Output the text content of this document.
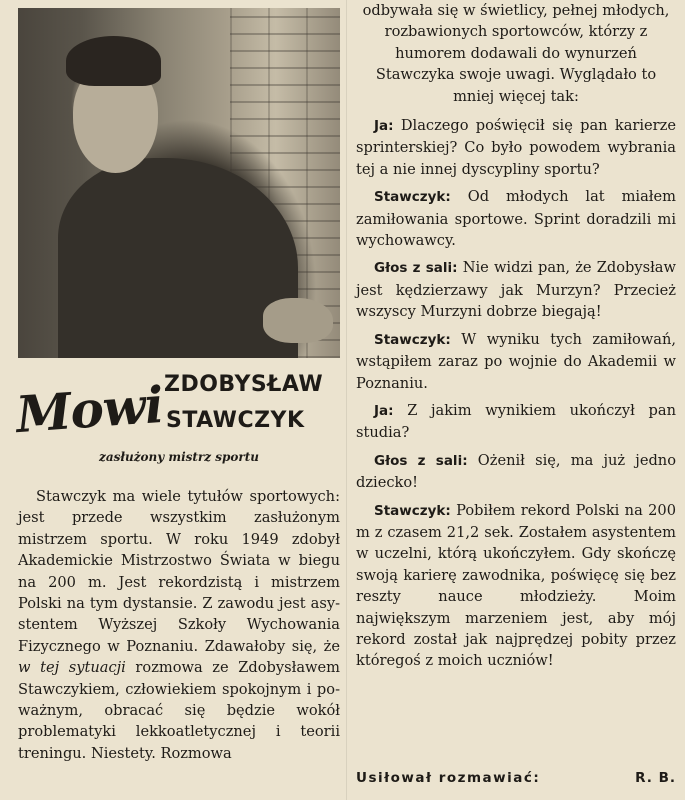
Mowi ZDOBYSŁAW
STAWCZYK
zasłużony mistrz sportu

Stawczyk ma wiele tytułów sportowych: jest przede wszystkim zasłużonym mistrzem sportu. W roku 1949 zdobył Akademickie Mistrzostwo Świata w biegu na 200 m. Jest rekordzistą i mistrzem Polski na tym dystansie. Z zawodu jest asystentem Wyższej Szkoły Wychowania Fizycznego w Poznaniu. Zdawałoby się, że w tej sytuacji rozmowa ze Zdobysławem Stawczykiem, człowiekiem spokojnym i poważnym, obracać się będzie wokół problematyki lekkoatletycznej i teorii treningu. Niestety. Rozmowa

odbywała się w świetlicy, pełnej młodych, rozbawionych sportowców, którzy z humorem dodawali do wynurzeń Stawczyka swoje uwagi. Wyglądało to mniej więcej tak:

Ja: Dlaczego poświęcił się pan karierze sprinterskiej? Co było powodem wybrania tej a nie innej dyscypliny sportu?

Stawczyk: Od młodych lat miałem zamiłowania sportowe. Sprint doradzili mi wychowawcy.

Głos z sali: Nie widzi pan, że Zdobysław jest kędzierzawy jak Murzyn? Przecież wszyscy Murzyni dobrze biegają!

Stawczyk: W wyniku tych zamiłowań, wstąpiłem zaraz po wojnie do Akademii w Poznaniu.

Ja: Z jakim wynikiem ukończył pan studia?

Głos z sali: Ożenił się, ma już jedno dziecko!

Stawczyk: Pobiłem rekord Polski na 200 m z czasem 21,2 sek. Zostałem asystentem w uczelni, którą ukończyłem. Gdy skończę swoją karierę zawodnika, poświęcę się bez reszty nauce młodzieży. Moim największym marzeniem jest, aby mój rekord został jak najprędzej pobity przez któregoś z moich uczniów!

Usiłował rozmawiać:	R. B.
